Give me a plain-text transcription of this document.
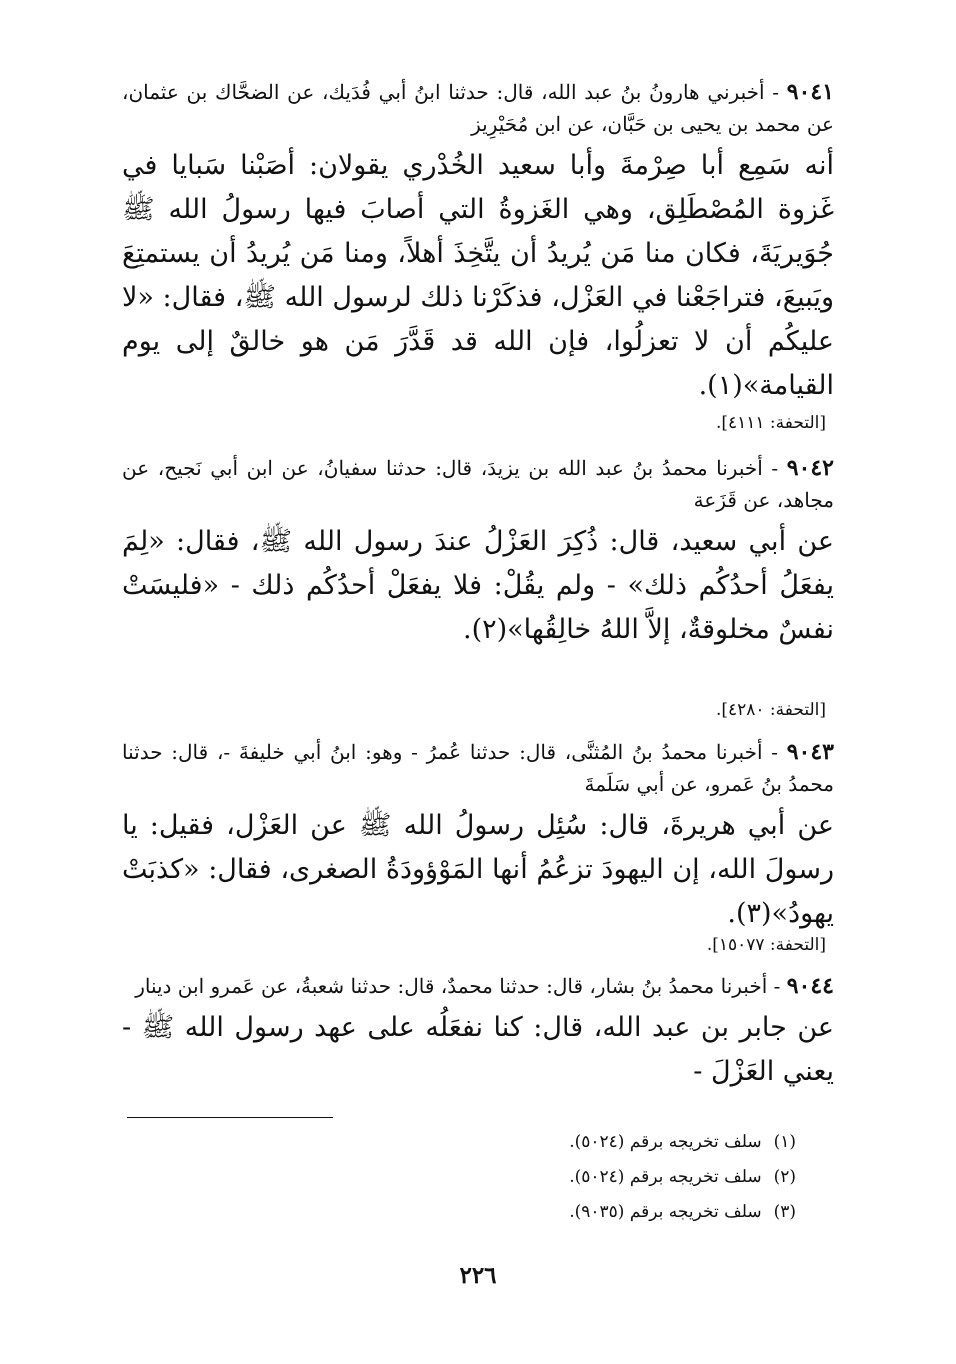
٩٠٤١ - أخبرني هارونُ بنُ عبد الله، قال: حدثنا ابنُ أبي فُدَيك، عن الضحَّاك بن عثمان، عن محمد بن يحيى بن حَبَّان، عن ابن مُحَيْرِيز
أنه سَمِع أبا صِرْمةَ وأبا سعيد الخُدْري يقولان: أصَبْنا سَبايا في غَزوة المُصْطَلِق، وهي الغَزوةُ التي أصابَ فيها رسولُ الله ﷺ جُوَيريَةَ، فكان منا مَن يُريدُ أن يتَّخِذَ أهلاً، ومنا مَن يُريدُ أن يستمتِعَ ويَبيعَ، فتراجَعْنا في العَزْل، فذكَرْنا ذلك لرسول الله ﷺ، فقال: «لا عليكُم أن لا تعزلُوا، فإن الله قد قَدَّرَ مَن هو خالقٌ إلى يوم القيامة»(١).
[التحفة: ٤١١١].
٩٠٤٢ - أخبرنا محمدُ بنُ عبد الله بن يزيدَ، قال: حدثنا سفيانُ، عن ابن أبي نَجيح، عن مجاهد، عن قَزَعة
عن أبي سعيد، قال: ذُكِرَ العَزْلُ عندَ رسول الله ﷺ، فقال: «لِمَ يفعَلُ أحدُكُم ذلك» - ولم يقُلْ: فلا يفعَلْ أحدُكُم ذلك - «فليسَتْ نفسٌ مخلوقةٌ، إلاَّ اللهُ خالِقُها»(٢).
[التحفة: ٤٢٨٠].
٩٠٤٣ - أخبرنا محمدُ بنُ المُثنَّى، قال: حدثنا عُمرُ - وهو: ابنُ أبي خليفةَ -، قال: حدثنا محمدُ بنُ عَمرو، عن أبي سَلَمةَ
عن أبي هريرةَ، قال: سُئِل رسولُ الله ﷺ عن العَزْل، فقيل: يا رسولَ الله، إن اليهودَ تزعُمُ أنها المَوْؤودَةُ الصغرى، فقال: «كذبَتْ يهودُ»(٣).
[التحفة: ١٥٠٧٧].
٩٠٤٤ - أخبرنا محمدُ بنُ بشار، قال: حدثنا محمدٌ، قال: حدثنا شعبةُ، عن عَمرو ابن دينار
عن جابر بن عبد الله، قال: كنا نفعَلُه على عهد رسول الله ﷺ - يعني العَزْلَ -
(١)
سلف تخريجه برقم (٥٠٢٤).
(٢)
سلف تخريجه برقم (٥٠٢٤).
(٣)
سلف تخريجه برقم (٩٠٣٥).
٢٢٦
